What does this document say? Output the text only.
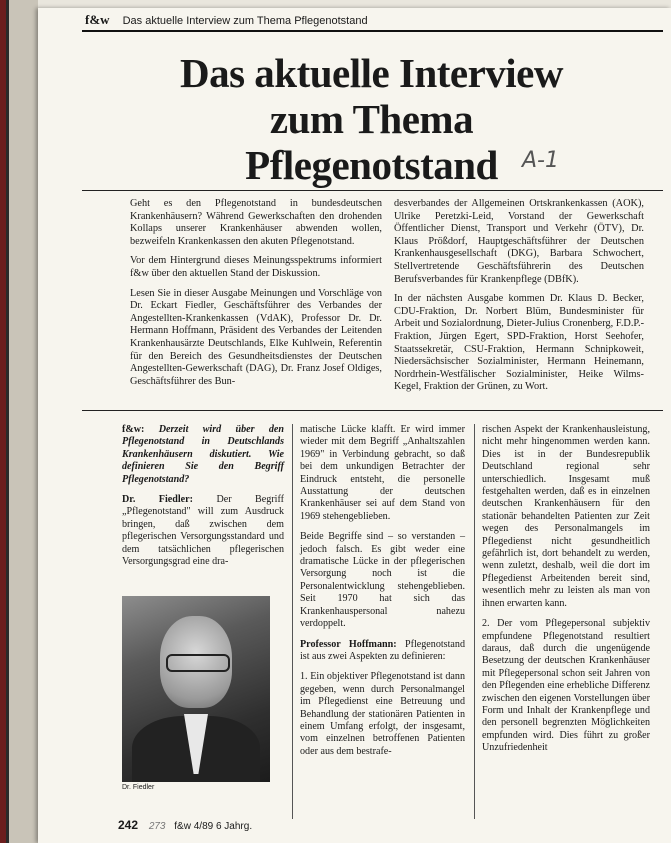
f&w Das aktuelle Interview zum Thema Pflegenotstand
Das aktuelle Interview
zum Thema
Pflegenotstand	A-1

Geht es den Pflegenotstand in bundesdeutschen Krankenhäusern? Während Gewerkschaften den drohenden Kollaps unserer Krankenhäuser abwenden wollen, bezweifeln Krankenkassen den akuten Pflegenotstand.

Vor dem Hintergrund dieses Meinungsspektrums informiert f&w über den aktuellen Stand der Diskussion.

Lesen Sie in dieser Ausgabe Meinungen und Vorschläge von Dr. Eckart Fiedler, Geschäftsführer des Verbandes der Angestellten-Krankenkassen (VdAK), Professor Dr. Dr. Hermann Hoffmann, Präsident des Verbandes der Leitenden Krankenhausärzte Deutschlands, Elke Kuhlwein, Referentin für den Bereich des Gesundheitsdienstes der Deutschen Angestellten-Gewerkschaft (DAG), Dr. Franz Josef Oldiges, Geschäftsführer des Bun-

desverbandes der Allgemeinen Ortskrankenkassen (AOK), Ulrike Peretzki-Leid, Vorstand der Gewerkschaft Öffentlicher Dienst, Transport und Verkehr (ÖTV), Dr. Klaus Prößdorf, Hauptgeschäftsführer der Deutschen Krankenhausgesellschaft (DKG), Barbara Schwochert, Stellvertretende Geschäftsführerin des Deutschen Berufsverbandes für Krankenpflege (DBfK).

In der nächsten Ausgabe kommen Dr. Klaus D. Becker, CDU-Fraktion, Dr. Norbert Blüm, Bundesminister für Arbeit und Sozialordnung, Dieter-Julius Cronenberg, F.D.P.-Fraktion, Jürgen Egert, SPD-Fraktion, Horst Seehofer, Staatssekretär, CSU-Fraktion, Hermann Schnipkoweit, Niedersächsischer Sozialminister, Hermann Heinemann, Nordrhein-Westfälischer Sozialminister, Heike Wilms-Kegel, Fraktion der Grünen, zu Wort.

f&w: Derzeit wird über den Pflegenotstand in Deutschlands Krankenhäusern diskutiert. Wie definieren Sie den Begriff Pflegenotstand?

Dr. Fiedler: Der Begriff „Pflegenotstand" will zum Ausdruck bringen, daß zwischen dem pflegerischen Versorgungsstandard und dem tatsächlichen pflegerischen Versorgungsgrad eine dra-

Dr. Fiedler

matische Lücke klafft. Er wird immer wieder mit dem Begriff „Anhaltszahlen 1969" in Verbindung gebracht, so daß bei dem unkundigen Betrachter der Eindruck entsteht, die personelle Ausstattung der deutschen Krankenhäuser sei auf dem Stand von 1969 stehengeblieben.

Beide Begriffe sind – so verstanden – jedoch falsch. Es gibt weder eine dramatische Lücke in der pflegerischen Versorgung noch ist die Personalentwicklung stehengeblieben. Seit 1970 hat sich das Krankenhauspersonal nahezu verdoppelt.

Professor Hoffmann: Pflegenotstand ist aus zwei Aspekten zu definieren:

1. Ein objektiver Pflegenotstand ist dann gegeben, wenn durch Personalmangel im Pflegedienst eine Betreuung und Behandlung der stationären Patienten in einem Umfang erfolgt, der insgesamt, vom einzelnen betroffenen Patienten oder aus dem bestrafe-

rischen Aspekt der Krankenhausleistung, nicht mehr hingenommen werden kann. Dies ist in der Bundesrepublik Deutschland regional sehr unterschiedlich. Insgesamt muß festgehalten werden, daß es in einzelnen deutschen Krankenhäusern für den stationär behandelten Patienten zur Zeit wegen des Personalmangels im Pflegedienst nicht gesundheitlich gefährlich ist, dort behandelt zu werden, wenn zuletzt, deshalb, weil die dort im Pflegedienst Arbeitenden bereit sind, wesentlich mehr zu leisten als man von ihnen erwarten kann.

2. Der vom Pflegepersonal subjektiv empfundene Pflegenotstand resultiert daraus, daß durch die ungenügende Besetzung der deutschen Krankenhäuser mit Pflegepersonal schon seit Jahren von den Pflegenden eine erhebliche Differenz zwischen den eigenen Vorstellungen über Form und Inhalt der Krankenpflege und den personell begrenzten Möglichkeiten empfunden wird. Dies führt zu großer Unzufriedenheit

242 273 f&w 4/89 6 Jahrg.
